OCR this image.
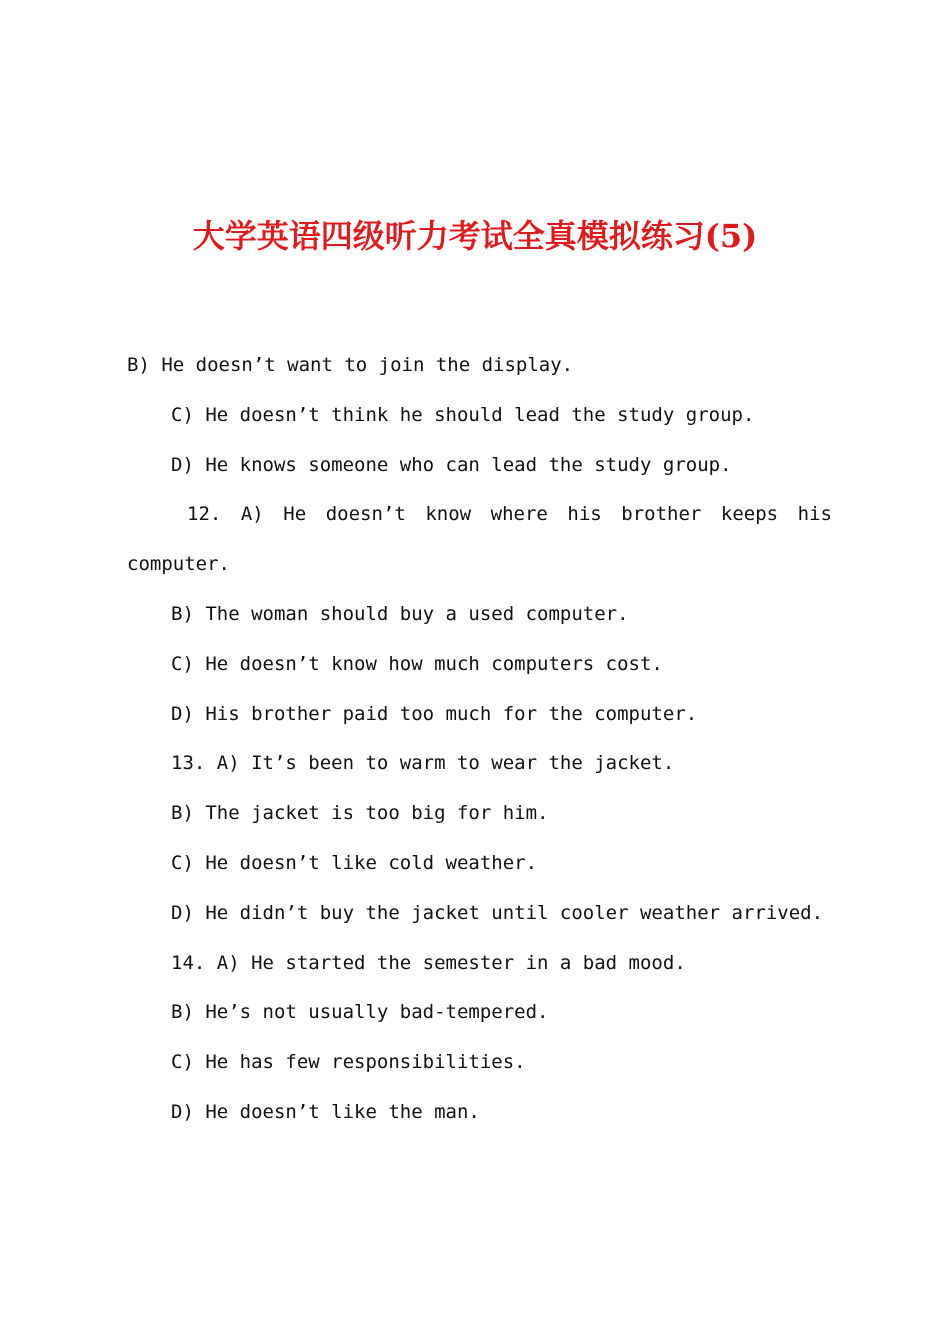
大学英语四级听力考试全真模拟练习(5)

B) He doesn’t want to join the display.

C) He doesn’t think he should lead the study group.

D) He knows someone who can lead the study group.

12. A) He doesn’t know where his brother keeps his

computer.

B) The woman should buy a used computer.

C) He doesn’t know how much computers cost.

D) His brother paid too much for the computer.

13. A) It’s been to warm to wear the jacket.

B) The jacket is too big for him.

C) He doesn’t like cold weather.

D) He didn’t buy the jacket until cooler weather arrived.

14. A) He started the semester in a bad mood.

B) He’s not usually bad-tempered.

C) He has few responsibilities.

D) He doesn’t like the man.
